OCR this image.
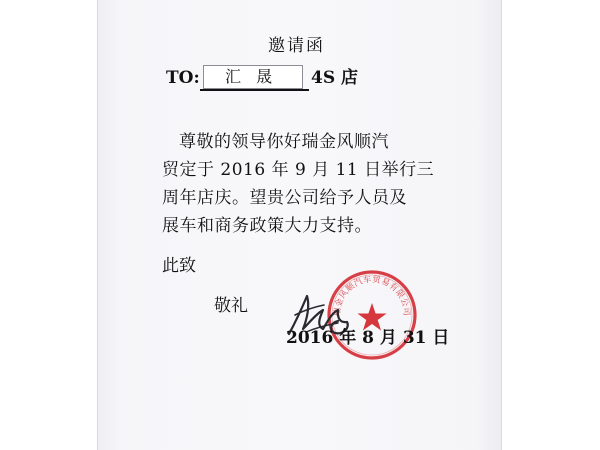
邀请函
TO: 汇 晟 4S 店
尊敬的领导你好瑞金风顺汽
贸定于 2016 年 9 月 11 日举行三
周年店庆。望贵公司给予人员及
展车和商务政策大力支持。
此致
敬礼	瑞金风顺汽车贸易有限公司
2016 年 8 月 31 日
